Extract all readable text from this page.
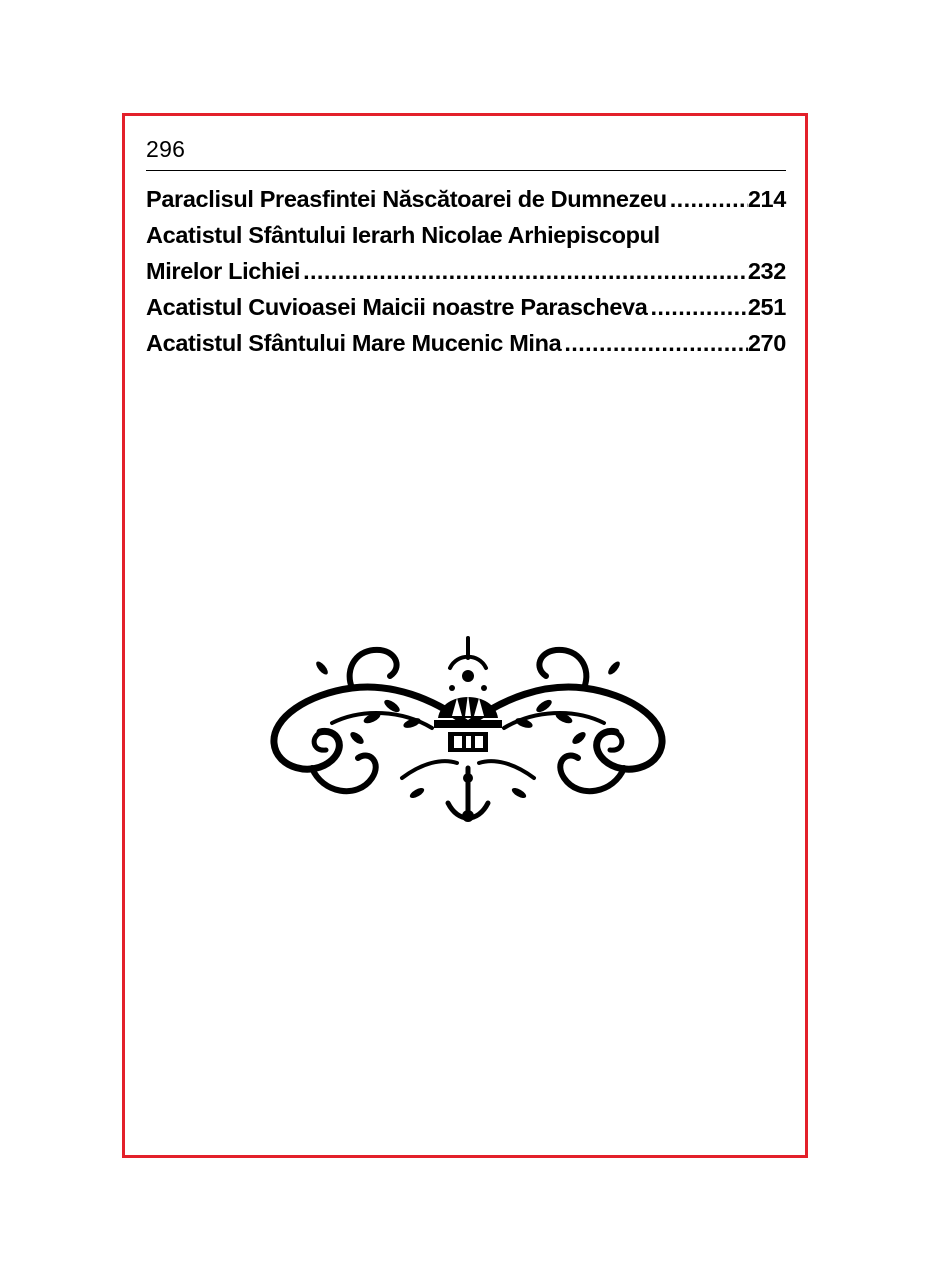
296
Paraclisul Preasfintei Născătoarei de Dumnezeu .....	214
Acatistul Sfântului Ierarh Nicolae Arhiepiscopul
Mirelor Lichiei .....	232
Acatistul Cuvioasei Maicii noastre Parascheva .....	251
Acatistul Sfântului Mare Mucenic Mina .....	270
